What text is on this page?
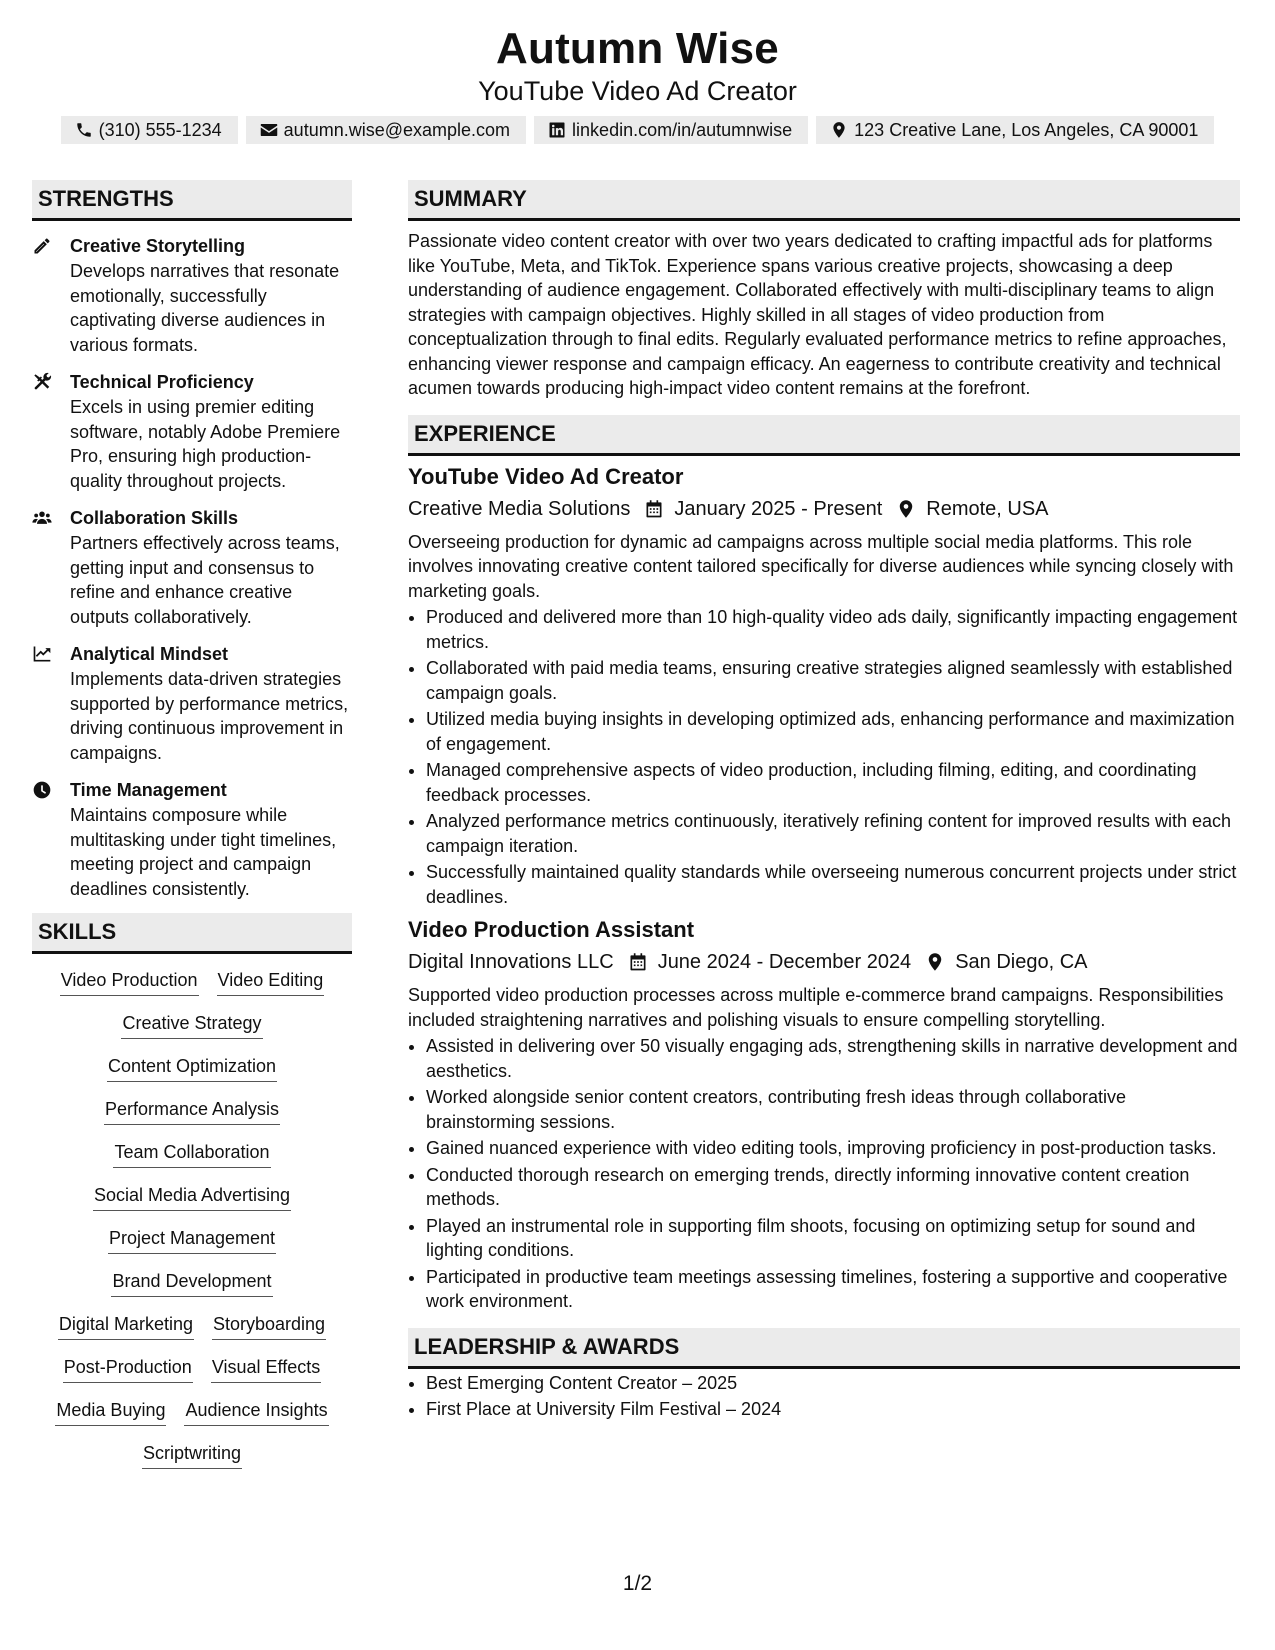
Autumn Wise
YouTube Video Ad Creator
(310) 555-1234	autumn.wise@example.com	linkedin.com/in/autumnwise	123 Creative Lane, Los Angeles, CA 90001
STRENGTHS
Creative Storytelling
Develops narratives that resonate emotionally, successfully captivating diverse audiences in various formats.
Technical Proficiency
Excels in using premier editing software, notably Adobe Premiere Pro, ensuring high production-quality throughout projects.
Collaboration Skills
Partners effectively across teams, getting input and consensus to refine and enhance creative outputs collaboratively.
Analytical Mindset
Implements data-driven strategies supported by performance metrics, driving continuous improvement in campaigns.
Time Management
Maintains composure while multitasking under tight timelines, meeting project and campaign deadlines consistently.
SKILLS
Video Production Video Editing
Creative Strategy
Content Optimization
Performance Analysis
Team Collaboration
Social Media Advertising
Project Management
Brand Development
Digital Marketing Storyboarding
Post-Production Visual Effects
Media Buying Audience Insights
Scriptwriting
SUMMARY

Passionate video content creator with over two years dedicated to crafting impactful ads for platforms like YouTube, Meta, and TikTok. Experience spans various creative projects, showcasing a deep understanding of audience engagement. Collaborated effectively with multi-disciplinary teams to align strategies with campaign objectives. Highly skilled in all stages of video production from conceptualization through to final edits. Regularly evaluated performance metrics to refine approaches, enhancing viewer response and campaign efficacy. An eagerness to contribute creativity and technical acumen towards producing high-impact video content remains at the forefront.

EXPERIENCE
YouTube Video Ad Creator
Creative Media Solutions January 2025 - Present Remote, USA
Overseeing production for dynamic ad campaigns across multiple social media platforms. This role involves innovating creative content tailored specifically for diverse audiences while syncing closely with marketing goals.
• Produced and delivered more than 10 high-quality video ads daily, significantly impacting engagement metrics.
• Collaborated with paid media teams, ensuring creative strategies aligned seamlessly with established campaign goals.
• Utilized media buying insights in developing optimized ads, enhancing performance and maximization of engagement.
• Managed comprehensive aspects of video production, including filming, editing, and coordinating feedback processes.
• Analyzed performance metrics continuously, iteratively refining content for improved results with each campaign iteration.
• Successfully maintained quality standards while overseeing numerous concurrent projects under strict deadlines.
Video Production Assistant
Digital Innovations LLC June 2024 - December 2024 San Diego, CA
Supported video production processes across multiple e-commerce brand campaigns. Responsibilities included straightening narratives and polishing visuals to ensure compelling storytelling.
• Assisted in delivering over 50 visually engaging ads, strengthening skills in narrative development and aesthetics.
• Worked alongside senior content creators, contributing fresh ideas through collaborative brainstorming sessions.
• Gained nuanced experience with video editing tools, improving proficiency in post-production tasks.
• Conducted thorough research on emerging trends, directly informing innovative content creation methods.
• Played an instrumental role in supporting film shoots, focusing on optimizing setup for sound and lighting conditions.
• Participated in productive team meetings assessing timelines, fostering a supportive and cooperative work environment.
LEADERSHIP & AWARDS
• Best Emerging Content Creator – 2025
• First Place at University Film Festival – 2024
1/2
